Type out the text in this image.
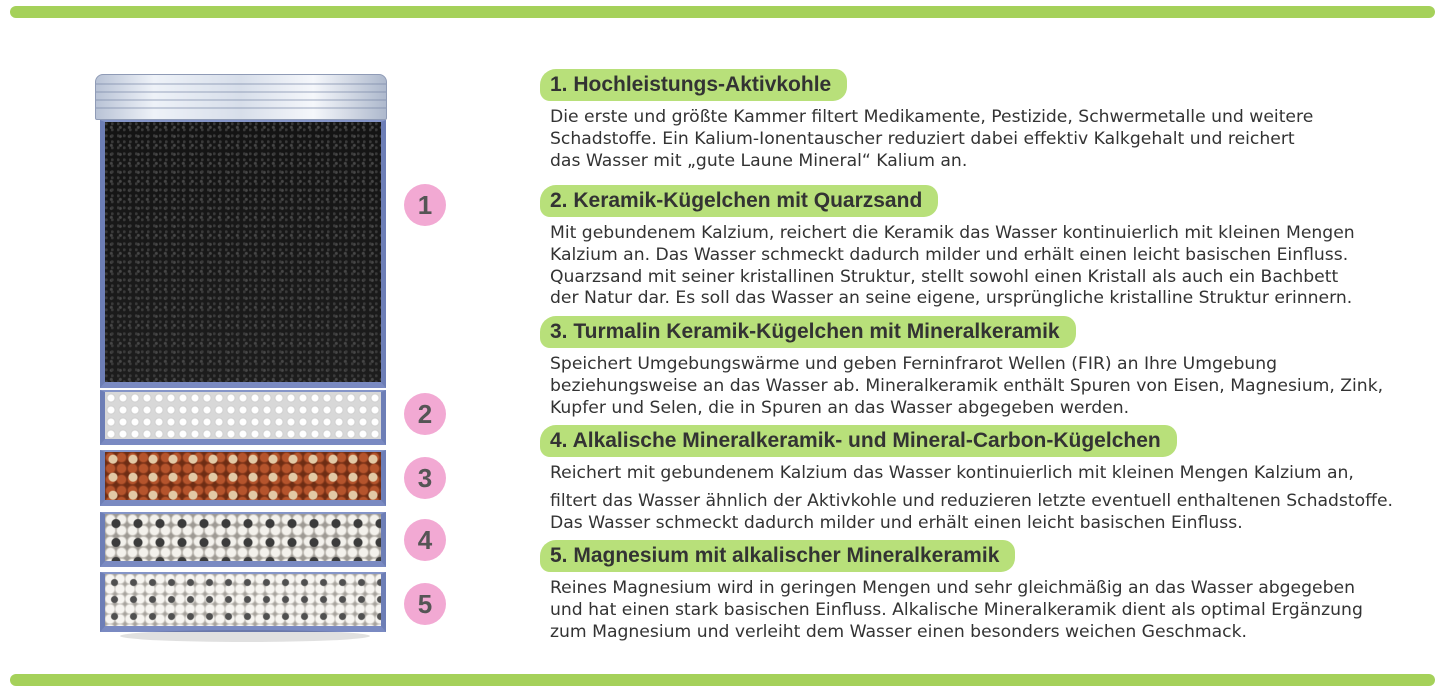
1
2
3
4
5
1. Hochleistungs-Aktivkohle
Die erste und größte Kammer filtert Medikamente, Pestizide, Schwermetalle und weitere
Schadstoffe. Ein Kalium-Ionentauscher reduziert dabei effektiv Kalkgehalt und reichert
das Wasser mit „gute Laune Mineral“ Kalium an.
2. Keramik-Kügelchen mit Quarzsand
Mit gebundenem Kalzium, reichert die Keramik das Wasser kontinuierlich mit kleinen Mengen
Kalzium an. Das Wasser schmeckt dadurch milder und erhält einen leicht basischen Einfluss.
Quarzsand mit seiner kristallinen Struktur, stellt sowohl einen Kristall als auch ein Bachbett
der Natur dar. Es soll das Wasser an seine eigene, ursprüngliche kristalline Struktur erinnern.
3. Turmalin Keramik-Kügelchen mit Mineralkeramik
Speichert Umgebungswärme und geben Ferninfrarot Wellen (FIR) an Ihre Umgebung
beziehungsweise an das Wasser ab. Mineralkeramik enthält Spuren von Eisen, Magnesium, Zink,
Kupfer und Selen, die in Spuren an das Wasser abgegeben werden.
4. Alkalische Mineralkeramik- und Mineral-Carbon-Kügelchen
Reichert mit gebundenem Kalzium das Wasser kontinuierlich mit kleinen Mengen Kalzium an,
filtert das Wasser ähnlich der Aktivkohle und reduzieren letzte eventuell enthaltenen Schadstoffe.
Das Wasser schmeckt dadurch milder und erhält einen leicht basischen Einfluss.
5. Magnesium mit alkalischer Mineralkeramik
Reines Magnesium wird in geringen Mengen und sehr gleichmäßig an das Wasser abgegeben
und hat einen stark basischen Einfluss. Alkalische Mineralkeramik dient als optimal Ergänzung
zum Magnesium und verleiht dem Wasser einen besonders weichen Geschmack.
